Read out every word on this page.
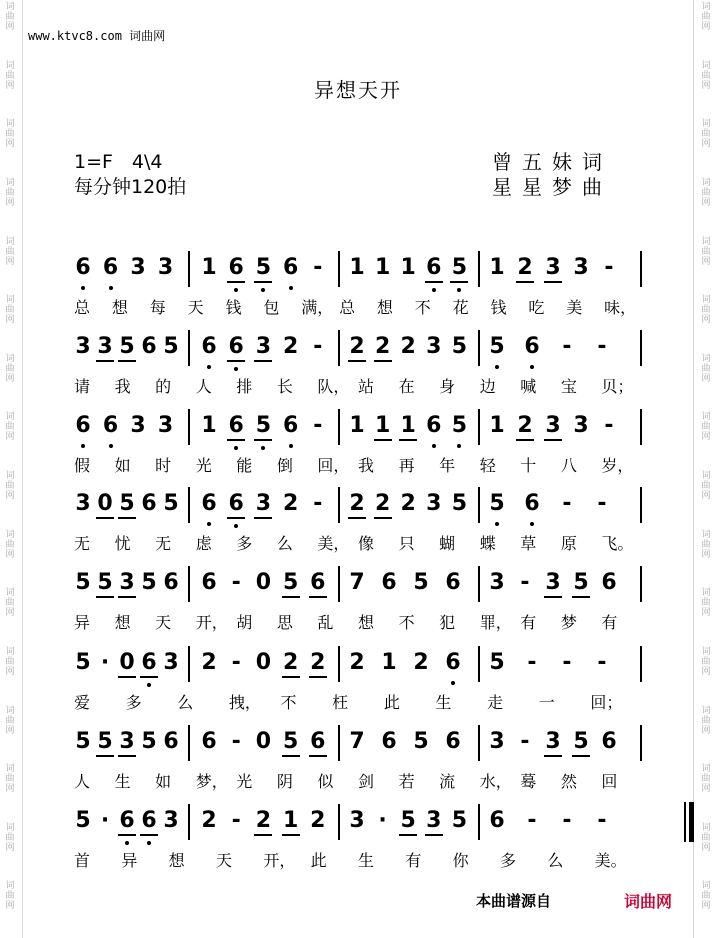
词
曲
网
词
曲
网
词
曲
网
词
曲
网
词
曲
网
词
曲
网
词
曲
网
词
曲
网
词
曲
网
词
曲
网
词
曲
网
词
曲
网
词
曲
网
词
曲
网
词
曲
网
词
曲
网
词
曲
网
词
曲
网
词
曲
网
词
曲
网
词
曲
网
词
曲
网
词
曲
网
词
曲
网
词
曲
网
词
曲
网
词
曲
网
词
曲
网
词
曲
网
词
曲
网
词
曲
网
词
曲
网
www.ktvc8.com 词曲网
异想天开
1=F　4\4
每分钟120拍
曾五妹词
星星梦曲
6 6 3 3 1 6 5 6 - 1 1 1 6 5 1 2 3 3 -
总 想 每 天 钱 包 满， 总 想 不 花 钱 吃 美 味，
3 3 5 6 5 6 6 3 2 - 2 2 2 3 5 5 6 - -
请 我 的 人 排 长 队， 站 在 身 边 喊 宝 贝；
6 6 3 3 1 6 5 6 - 1 1 1 6 5 1 2 3 3 -
假 如 时 光 能 倒 回， 我 再 年 轻 十 八 岁，
3 0 5 6 5 6 6 3 2 - 2 2 2 3 5 5 6 - -
无 忧 无 虑 多 么 美， 像 只 蝴 蝶 草 原 飞。
5 5 3 5 6 6 - 0 5 6 7 6 5 6 3 - 3 5 6
异 想 天 开， 胡 思 乱 想 不 犯 罪， 有 梦 有
5 · 0 6 3 2 - 0 2 2 2 1 2 6 5 - - -
爱 多 么 拽， 不 枉 此 生 走 一 回；
5 5 3 5 6 6 - 0 5 6 7 6 5 6 3 - 3 5 6
人 生 如 梦， 光 阴 似 剑 若 流 水， 蓦 然 回
5 · 6 6 3 2 - 2 1 2 3 · 5 3 5 6 - - -
首 异 想 天 开， 此 生 有 你 多 么 美。
本曲谱源自	词曲网
